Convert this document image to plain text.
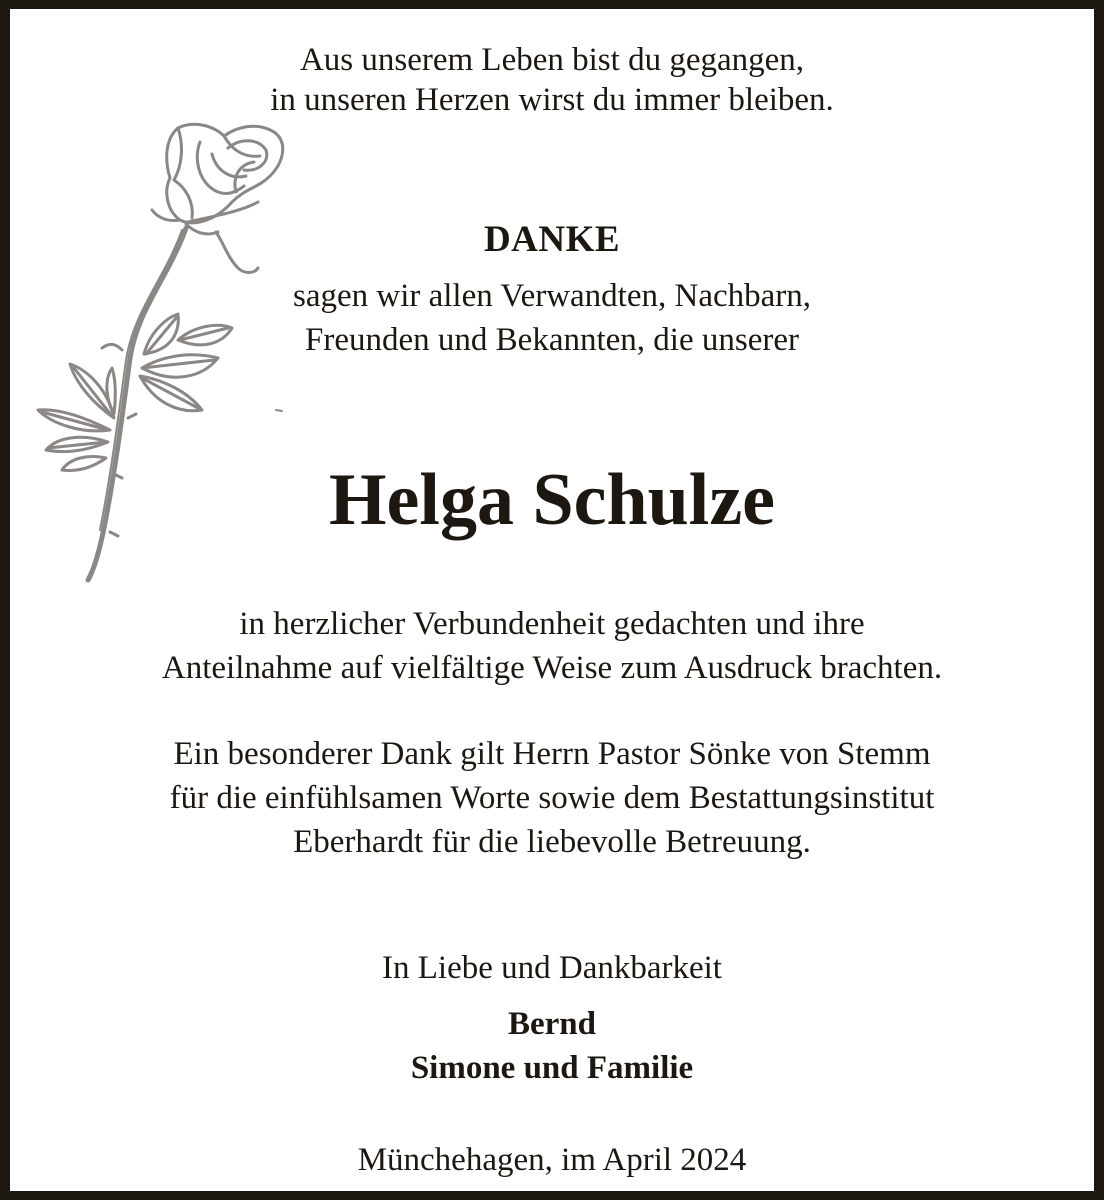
Aus unserem Leben bist du gegangen,

in unseren Herzen wirst du immer bleiben.

DANKE

sagen wir allen Verwandten, Nachbarn,

Freunden und Bekannten, die unserer

Helga Schulze

in herzlicher Verbundenheit gedachten und ihre

Anteilnahme auf vielfältige Weise zum Ausdruck brachten.

Ein besonderer Dank gilt Herrn Pastor Sönke von Stemm

für die einfühlsamen Worte sowie dem Bestattungsinstitut

Eberhardt für die liebevolle Betreuung.

In Liebe und Dankbarkeit

Bernd

Simone und Familie

Münchehagen, im April 2024
